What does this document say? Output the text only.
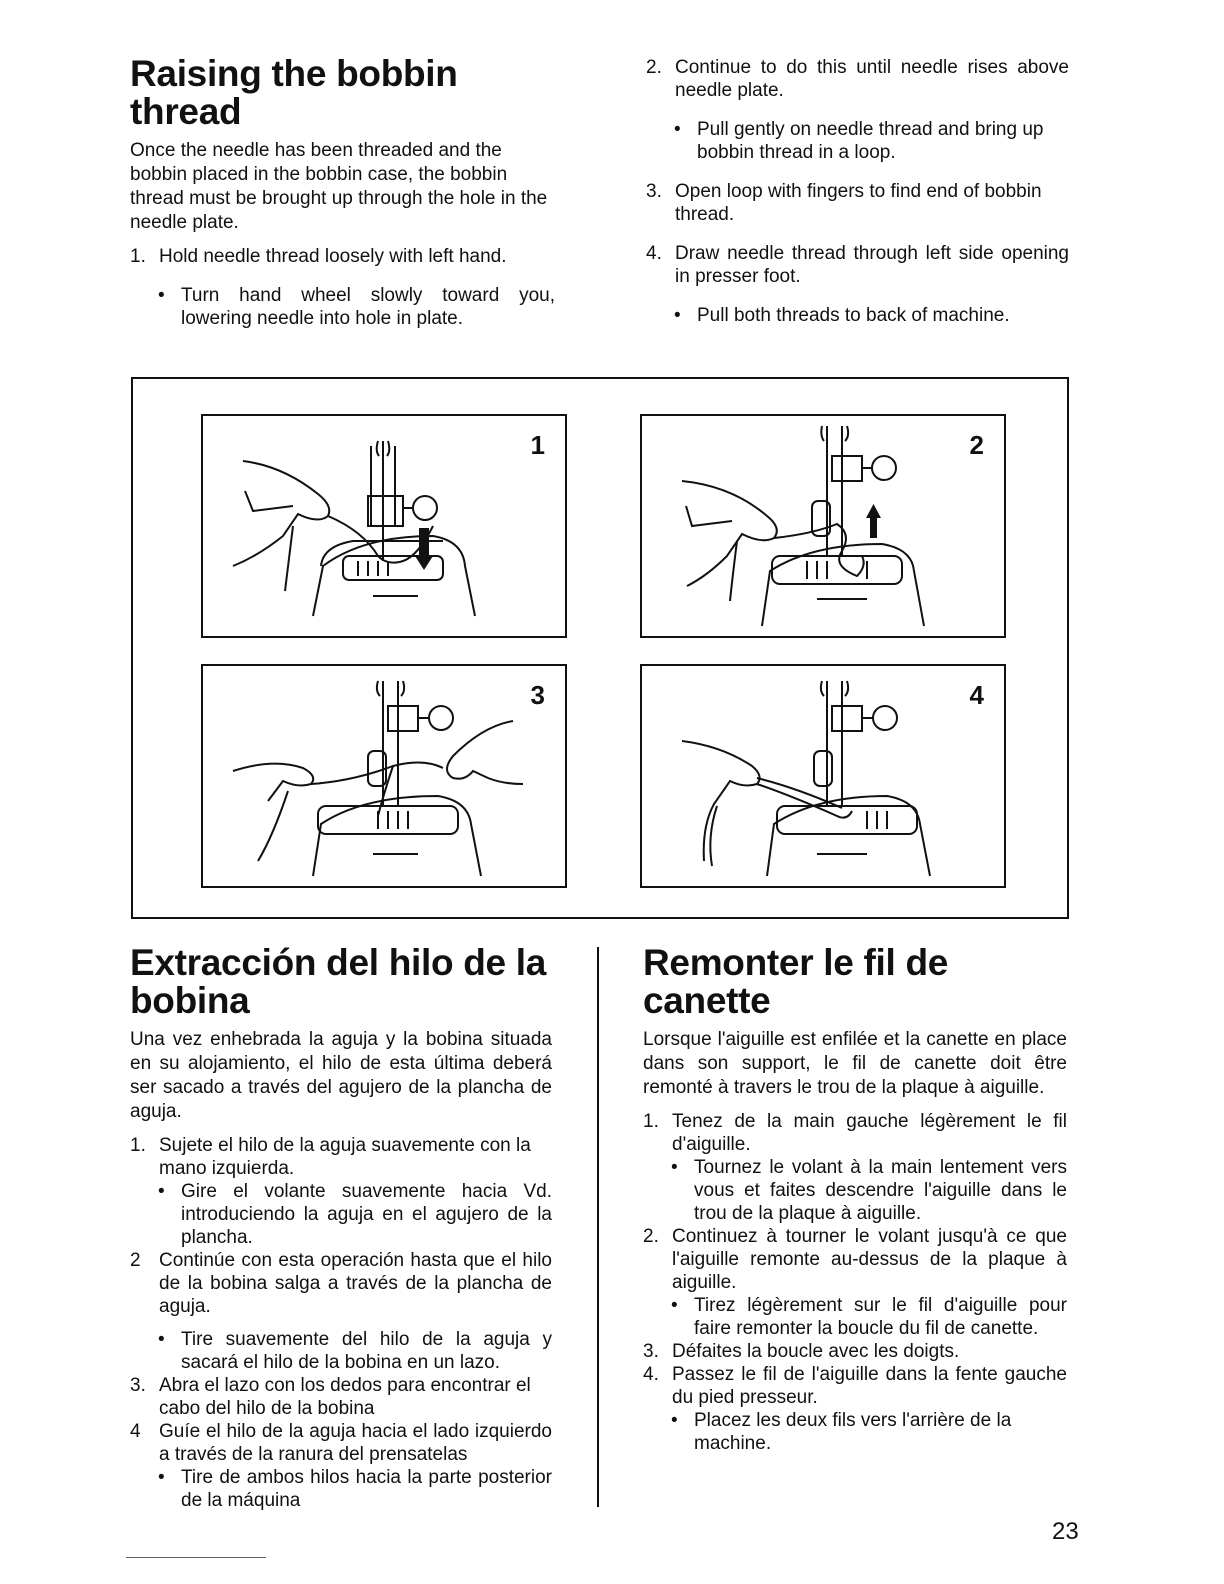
Raising the bobbin thread

Once the needle has been threaded and the bobbin placed in the bobbin case, the bobbin thread must be brought up through the hole in the needle plate.

1. Hold needle thread loosely with left hand.
• Turn hand wheel slowly toward you, lowering needle into hole in plate.
2. Continue to do this until needle rises above needle plate.
• Pull gently on needle thread and bring up bobbin thread in a loop.
3. Open loop with fingers to find end of bobbin thread.
4. Draw needle thread through left side opening in presser foot.
• Pull both threads to back of machine.
1	2
3	4
Extracción del hilo de la bobina

Una vez enhebrada la aguja y la bobina situada en su alojamiento, el hilo de esta última deberá ser sacado a través del agujero de la plancha de aguja.

1. Sujete el hilo de la aguja suavemente con la mano izquierda.
• Gire el volante suavemente hacia Vd. introduciendo la aguja en el agujero de la plancha.
2 Continúe con esta operación hasta que el hilo de la bobina salga a través de la plancha de aguja.
• Tire suavemente del hilo de la aguja y sacará el hilo de la bobina en un lazo.
3. Abra el lazo con los dedos para encontrar el cabo del hilo de la bobina
4 Guíe el hilo de la aguja hacia el lado izquierdo a través de la ranura del prensatelas
• Tire de ambos hilos hacia la parte posterior de la máquina
Remonter le fil de canette

Lorsque l'aiguille est enfilée et la canette en place dans son support, le fil de canette doit être remonté à travers le trou de la plaque à aiguille.

1. Tenez de la main gauche légèrement le fil d'aiguille.
• Tournez le volant à la main lentement vers vous et faites descendre l'aiguille dans le trou de la plaque à aiguille.
2. Continuez à tourner le volant jusqu'à ce que l'aiguille remonte au-dessus de la plaque à aiguille.
• Tirez légèrement sur le fil d'aiguille pour faire remonter la boucle du fil de canette.
3. Défaites la boucle avec les doigts.
4. Passez le fil de l'aiguille dans la fente gauche du pied presseur.
• Placez les deux fils vers l'arrière de la machine.
23
